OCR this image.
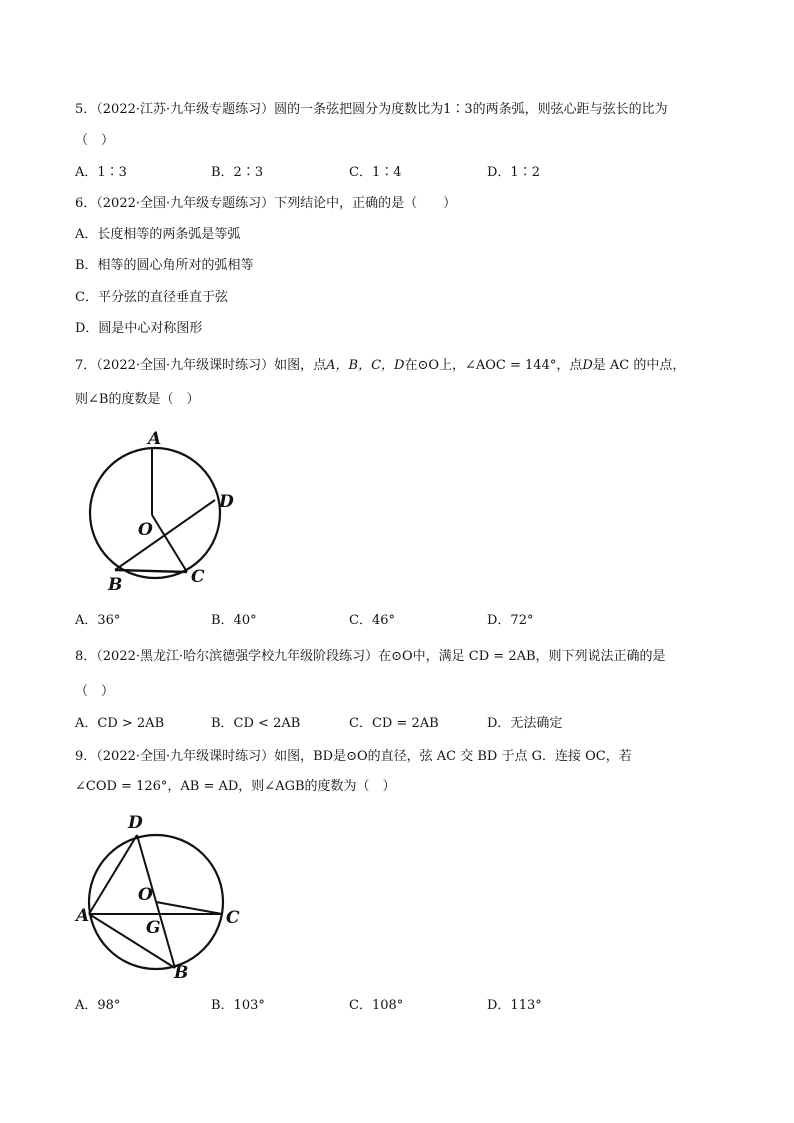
5．（2022·江苏·九年级专题练习）圆的一条弦把圆分为度数比为1∶3的两条弧，则弦心距与弦长的比为
（　）
A．1∶3	B．2∶3	C．1∶4	D．1∶2
6．（2022·全国·九年级专题练习）下列结论中，正确的是（　　）
A．长度相等的两条弧是等弧
B．相等的圆心角所对的弧相等
C．平分弦的直径垂直于弦
D．圆是中心对称图形
7．（2022·全国·九年级课时练习）如图，点A，B，C，D在⊙O上，∠AOC = 144°，点D是 AC 的中点，
则∠B的度数是（　）
A
O
D
B	C
A．36°	B．40°	C．46°	D．72°
8．（2022·黑龙江·哈尔滨德强学校九年级阶段练习）在⊙O中，满足 CD = 2AB，则下列说法正确的是
（　）
A．CD > 2AB	B．CD < 2AB	C．CD = 2AB	D．无法确定
9．（2022·全国·九年级课时练习）如图，BD是⊙O的直径，弦 AC 交 BD 于点 G．连接 OC，若
∠COD = 126°，AB = AD，则∠AGB的度数为（　）
D
O
A
G	C
B
A．98°	B．103°	C．108°	D．113°
